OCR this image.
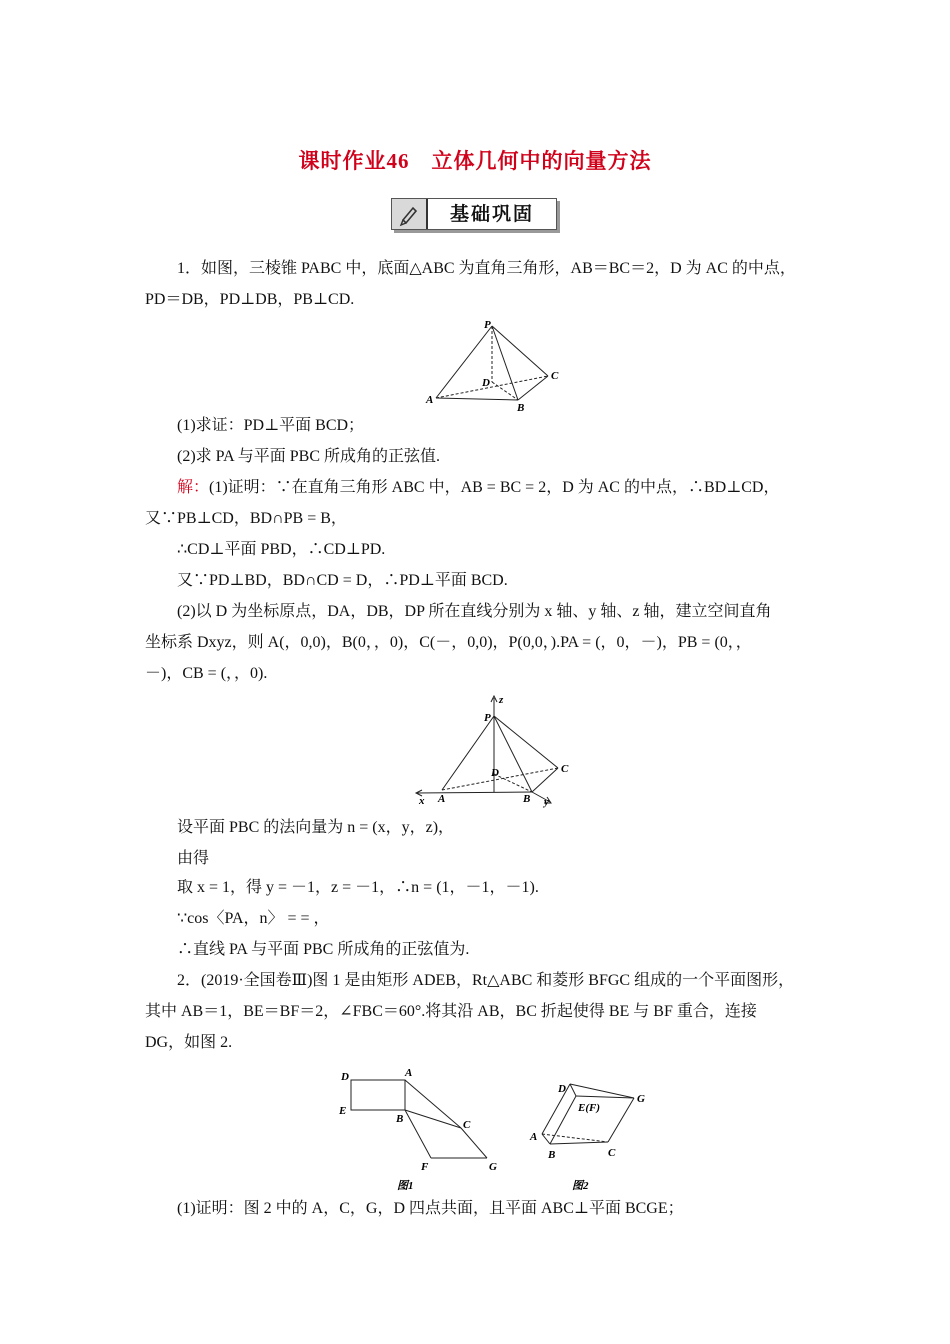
课时作业46　立体几何中的向量方法
基础巩固
1．如图，三棱锥 PABC 中，底面△ABC 为直角三角形，AB＝BC＝2，D 为 AC 的中点，
PD＝DB，PD⊥DB，PB⊥CD.
P
A
B
C
D
(1)求证：PD⊥平面 BCD；
(2)求 PA 与平面 PBC 所成角的正弦值.
解：(1)证明：∵在直角三角形 ABC 中，AB = BC = 2，D 为 AC 的中点，∴BD⊥CD，
又∵PB⊥CD，BD∩PB = B，
∴CD⊥平面 PBD，∴CD⊥PD.
又∵PD⊥BD，BD∩CD = D，∴PD⊥平面 BCD.
(2)以 D 为坐标原点，DA，DB，DP 所在直线分别为 x 轴、y 轴、z 轴，建立空间直角
坐标系 Dxyz，则 A(，0,0)，B(0，，0)，C(－，0,0)，P(0,0，).PA = (，0，－)，PB = (0，，
－)，CB = (，，0).
z
P
D	C
x A	B y
设平面 PBC 的法向量为 n = (x，y，z)，
由得
取 x = 1，得 y = －1，z = －1，∴n = (1，－1，－1).
∵cos〈PA，n〉 = = ，
∴直线 PA 与平面 PBC 所成角的正弦值为.
2．(2019·全国卷Ⅲ)图 1 是由矩形 ADEB，Rt△ABC 和菱形 BFGC 组成的一个平面图形，
其中 AB＝1，BE＝BF＝2，∠FBC＝60°.将其沿 AB，BC 折起使得 BE 与 BF 重合，连接
DG，如图 2.
D	A
E
B	C
F	G
图1
D
E(F)
G
A
B	C
图2
(1)证明：图 2 中的 A，C，G，D 四点共面，且平面 ABC⊥平面 BCGE；
